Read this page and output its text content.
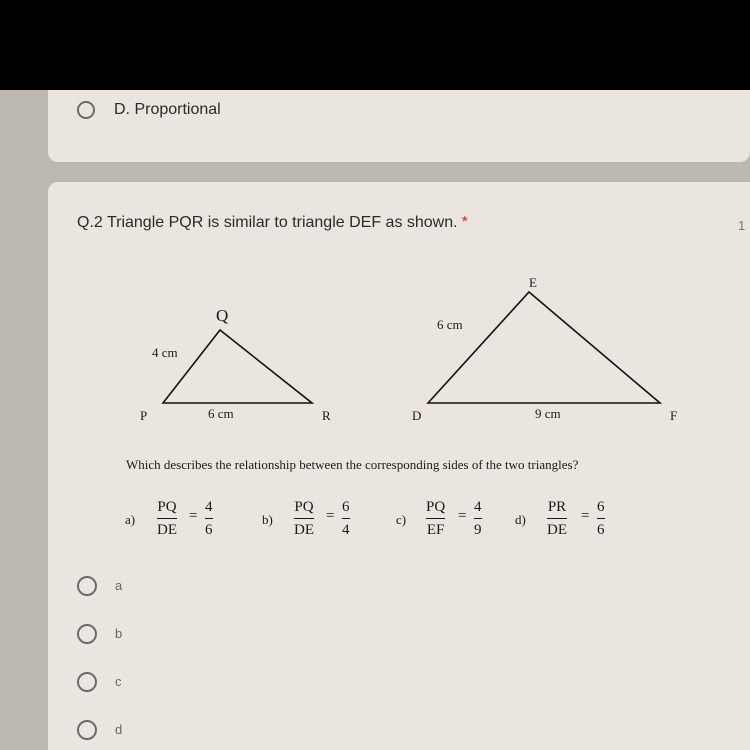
D. Proportional
Q.2 Triangle PQR is similar to triangle DEF as shown. *	1
Q
4 cm
P	6 cm	R
E
6 cm
D	9 cm	F
Which describes the relationship between the corresponding sides of the two triangles?
a)
PQ
DE
=
4
6
b)
PQ
DE
=
6
4
c)
PQ
EF
=
4
9
d)
PR
DE
=
6
6
a
b
c
d
